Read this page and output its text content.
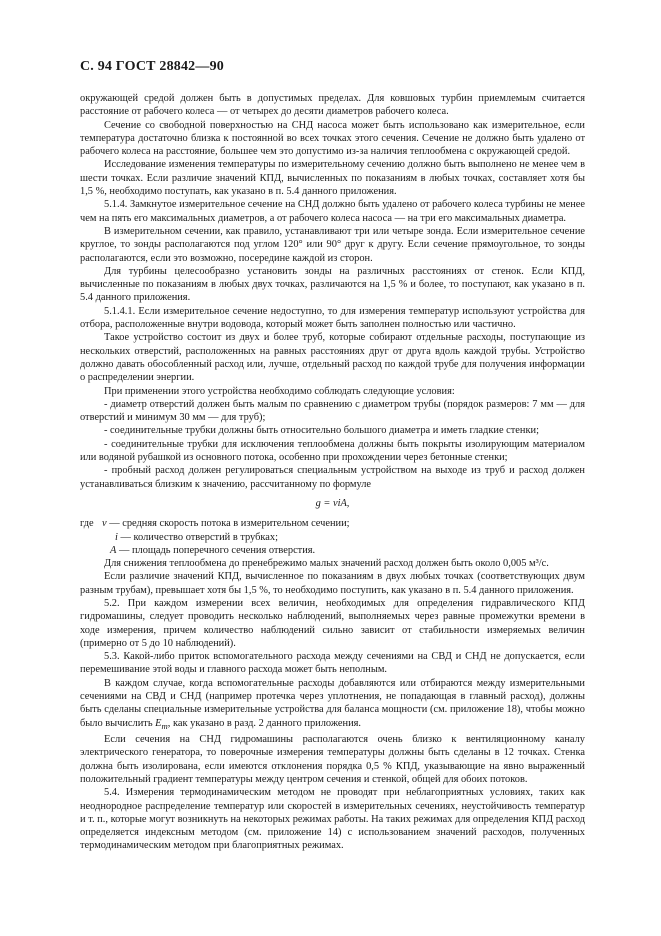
С. 94 ГОСТ 28842—90

окружающей средой должен быть в допустимых пределах. Для ковшовых турбин приемлемым считается расстояние от рабочего колеса — от четырех до десяти диаметров рабочего колеса.

Сечение со свободной поверхностью на СНД насоса может быть использовано как измерительное, если температура достаточно близка к постоянной во всех точках этого сечения. Сечение не должно быть удалено от рабочего колеса на расстояние, большее чем это допустимо из-за наличия теплообмена с окружающей средой.

Исследование изменения температуры по измерительному сечению должно быть выполнено не менее чем в шести точках. Если различие значений КПД, вычисленных по показаниям в любых точках, составляет хотя бы 1,5 %, необходимо поступать, как указано в п. 5.4 данного приложения.

5.1.4. Замкнутое измерительное сечение на СНД должно быть удалено от рабочего колеса турбины не менее чем на пять его максимальных диаметров, а от рабочего колеса насоса — на три его максимальных диаметра.

В измерительном сечении, как правило, устанавливают три или четыре зонда. Если измерительное сечение круглое, то зонды располагаются под углом 120° или 90° друг к другу. Если сечение прямоугольное, то зонды располагаются, если это возможно, посередине каждой из сторон.

Для турбины целесообразно установить зонды на различных расстояниях от стенок. Если КПД, вычисленные по показаниям в любых двух точках, различаются на 1,5 % и более, то поступают, как указано в п. 5.4 данного приложения.

5.1.4.1. Если измерительное сечение недоступно, то для измерения температур используют устройства для отбора, расположенные внутри водовода, который может быть заполнен полностью или частично.

Такое устройство состоит из двух и более труб, которые собирают отдельные расходы, поступающие из нескольких отверстий, расположенных на равных расстояниях друг от друга вдоль каждой трубы. Устройство должно давать обособленный расход или, лучше, отдельный расход по каждой трубе для получения информации о распределении энергии.

При применении этого устройства необходимо соблюдать следующие условия:

- диаметр отверстий должен быть малым по сравнению с диаметром трубы (порядок размеров: 7 мм — для отверстий и минимум 30 мм — для труб);

- соединительные трубки должны быть относительно большого диаметра и иметь гладкие стенки;

- соединительные трубки для исключения теплообмена должны быть покрыты изолирующим материалом или водяной рубашкой из основного потока, особенно при прохождении через бетонные стенки;

- пробный расход должен регулироваться специальным устройством на выходе из труб и расход должен устанавливаться близким к значению, рассчитанному по формуле

g = viA,

где v — средняя скорость потока в измерительном сечении;

i — количество отверстий в трубках;

A — площадь поперечного сечения отверстия.

Для снижения теплообмена до пренебрежимо малых значений расход должен быть около 0,005 м³/с.

Если различие значений КПД, вычисленное по показаниям в двух любых точках (соответствующих двум разным трубам), превышает хотя бы 1,5 %, то необходимо поступить, как указано в п. 5.4 данного приложения.

5.2. При каждом измерении всех величин, необходимых для определения гидравлического КПД гидромашины, следует проводить несколько наблюдений, выполняемых через равные промежутки времени в ходе измерения, причем количество наблюдений сильно зависит от стабильности измеряемых величин (примерно от 5 до 10 наблюдений).

5.3. Какой-либо приток вспомогательного расхода между сечениями на СВД и СНД не допускается, если перемешивание этой воды и главного расхода может быть неполным.

В каждом случае, когда вспомогательные расходы добавляются или отбираются между измерительными сечениями на СВД и СНД (например протечка через уплотнения, не попадающая в главный расход), должны быть сделаны специальные измерительные устройства для баланса мощности (см. приложение 18), чтобы можно было вычислить $E_m$, как указано в разд. 2 данного приложения.

Если сечения на СНД гидромашины располагаются очень близко к вентиляционному каналу электрического генератора, то поверочные измерения температуры должны быть сделаны в 12 точках. Стенка должна быть изолирована, если имеются отклонения порядка 0,5 % КПД, указывающие на явно выраженный положительный градиент температуры между центром сечения и стенкой, общей для обоих потоков.

5.4. Измерения термодинамическим методом не проводят при неблагоприятных условиях, таких как неоднородное распределение температур или скоростей в измерительных сечениях, неустойчивость температур и т. п., которые могут возникнуть на некоторых режимах работы. На таких режимах для определения КПД расход определяется индексным методом (см. приложение 14) с использованием значений расходов, полученных термодинамическим методом при благоприятных режимах.
